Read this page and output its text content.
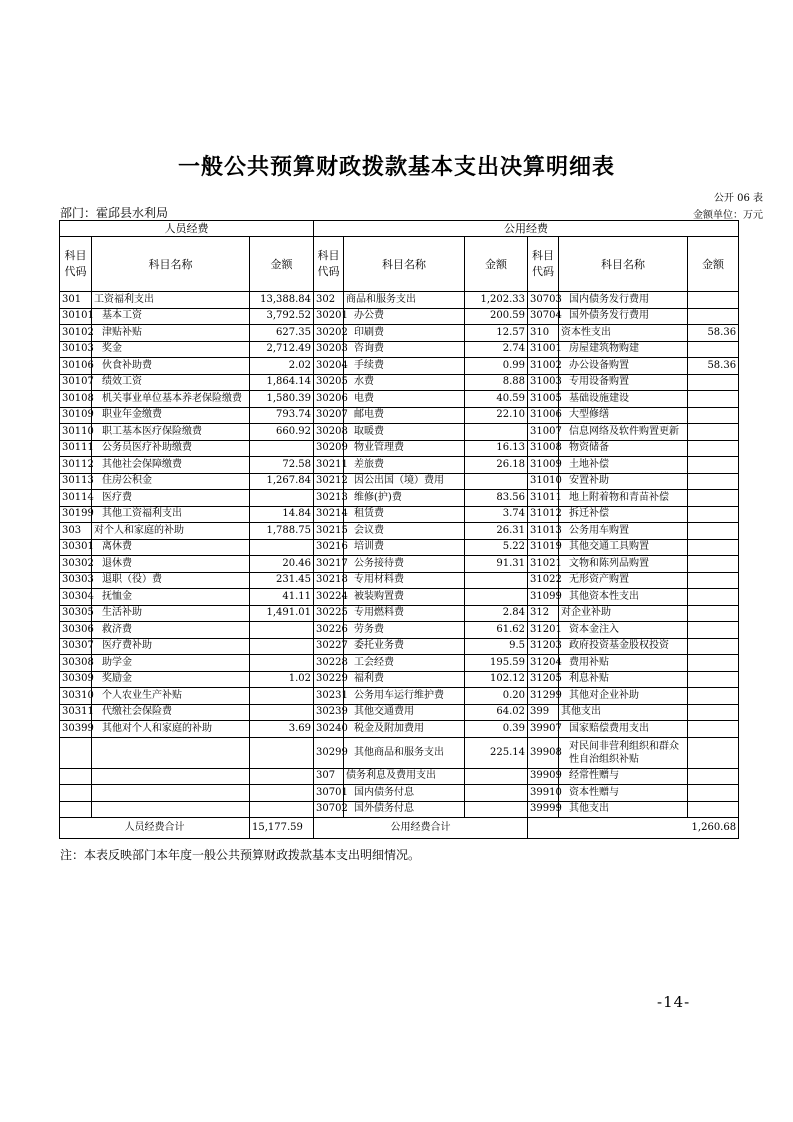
一般公共预算财政拨款基本支出决算明细表
公开 06 表
部门：霍邱县水利局	金额单位：万元
人员经费			公用经费					
科目代码	科目名称	金额	科目代码	科目名称	金额	科目代码	科目名称	金额
301	工资福利支出	13,388.84	302	商品和服务支出	1,202.33	30703	国内债务发行费用	
30101	基本工资	3,792.52	30201	办公费	200.59	30704	国外债务发行费用	
30102	津贴补贴	627.35	30202	印刷费	12.57	310	资本性支出	58.36
30103	奖金	2,712.49	30203	咨询费	2.74	31001	房屋建筑物购建	
30106	伙食补助费	2.02	30204	手续费	0.99	31002	办公设备购置	58.36
30107	绩效工资	1,864.14	30205	水费	8.88	31003	专用设备购置	
30108	机关事业单位基本养老保险缴费	1,580.39	30206	电费	40.59	31005	基础设施建设	
30109	职业年金缴费	793.74	30207	邮电费	22.10	31006	大型修缮	
30110	职工基本医疗保险缴费	660.92	30208	取暖费		31007	信息网络及软件购置更新	
30111	公务员医疗补助缴费		30209	物业管理费	16.13	31008	物资储备	
30112	其他社会保障缴费	72.58	30211	差旅费	26.18	31009	土地补偿	
30113	住房公积金	1,267.84	30212	因公出国（境）费用		31010	安置补助	
30114	医疗费		30213	维修(护)费	83.56	31011	地上附着物和青苗补偿	
30199	其他工资福利支出	14.84	30214	租赁费	3.74	31012	拆迁补偿	
303	对个人和家庭的补助	1,788.75	30215	会议费	26.31	31013	公务用车购置	
30301	离休费		30216	培训费	5.22	31019	其他交通工具购置	
30302	退休费	20.46	30217	公务接待费	91.31	31021	文物和陈列品购置	
30303	退职（役）费	231.45	30218	专用材料费		31022	无形资产购置	
30304	抚恤金	41.11	30224	被装购置费		31099	其他资本性支出	
30305	生活补助	1,491.01	30225	专用燃料费	2.84	312	对企业补助	
30306	救济费		30226	劳务费	61.62	31201	资本金注入	
30307	医疗费补助		30227	委托业务费	9.5	31203	政府投资基金股权投资	
30308	助学金		30228	工会经费	195.59	31204	费用补贴	
30309	奖励金	1.02	30229	福利费	102.12	31205	利息补贴	
30310	个人农业生产补贴		30231	公务用车运行维护费	0.20	31299	其他对企业补助	
30311	代缴社会保险费		30239	其他交通费用	64.02	399	其他支出	
30399	其他对个人和家庭的补助	3.69	30240	税金及附加费用	0.39	39907	国家赔偿费用支出	
			30299	其他商品和服务支出	225.14	39908	对民间非营利组织和群众性自治组织补贴	
			307	债务利息及费用支出		39909	经常性赠与	
			30701	国内债务付息		39910	资本性赠与	
			30702	国外债务付息		39999	其他支出	
人员经费合计		15,177.59	公用经费合计			1,260.68		
注：本表反映部门本年度一般公共预算财政拨款基本支出明细情况。
-14-
